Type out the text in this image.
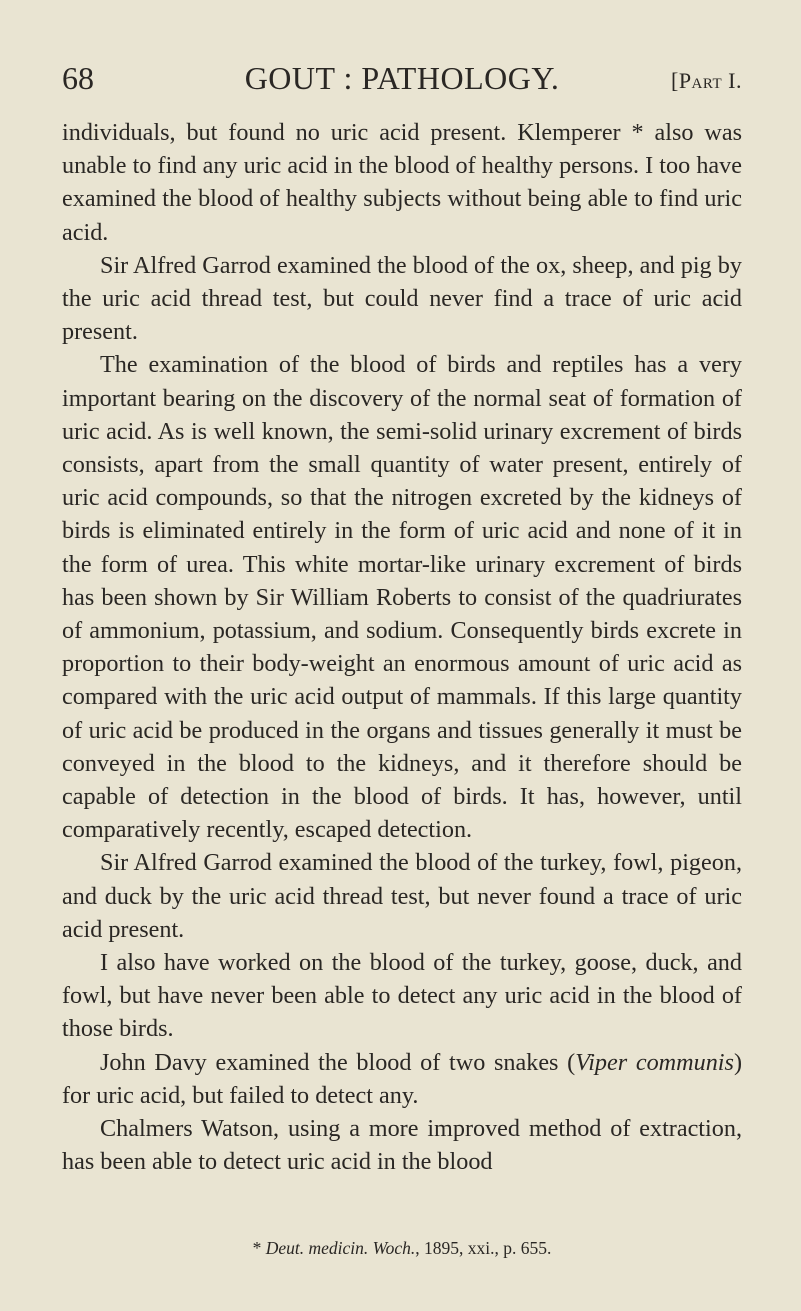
68	GOUT : PATHOLOGY.	[Part I.

individuals, but found no uric acid present. Klemperer * also was unable to find any uric acid in the blood of healthy persons. I too have examined the blood of healthy subjects without being able to find uric acid.

Sir Alfred Garrod examined the blood of the ox, sheep, and pig by the uric acid thread test, but could never find a trace of uric acid present.

The examination of the blood of birds and reptiles has a very important bearing on the discovery of the normal seat of formation of uric acid. As is well known, the semi-solid urinary excrement of birds consists, apart from the small quantity of water present, entirely of uric acid compounds, so that the nitrogen excreted by the kidneys of birds is eliminated entirely in the form of uric acid and none of it in the form of urea. This white mortar-like urinary excrement of birds has been shown by Sir William Roberts to consist of the quadriurates of ammonium, potassium, and sodium. Consequently birds excrete in proportion to their body-weight an enormous amount of uric acid as compared with the uric acid output of mammals. If this large quantity of uric acid be produced in the organs and tissues generally it must be conveyed in the blood to the kidneys, and it therefore should be capable of detection in the blood of birds. It has, however, until comparatively recently, escaped detection.

Sir Alfred Garrod examined the blood of the turkey, fowl, pigeon, and duck by the uric acid thread test, but never found a trace of uric acid present.

I also have worked on the blood of the turkey, goose, duck, and fowl, but have never been able to detect any uric acid in the blood of those birds.

John Davy examined the blood of two snakes (Viper communis) for uric acid, but failed to detect any.

Chalmers Watson, using a more improved method of extraction, has been able to detect uric acid in the blood

* Deut. medicin. Woch., 1895, xxi., p. 655.
